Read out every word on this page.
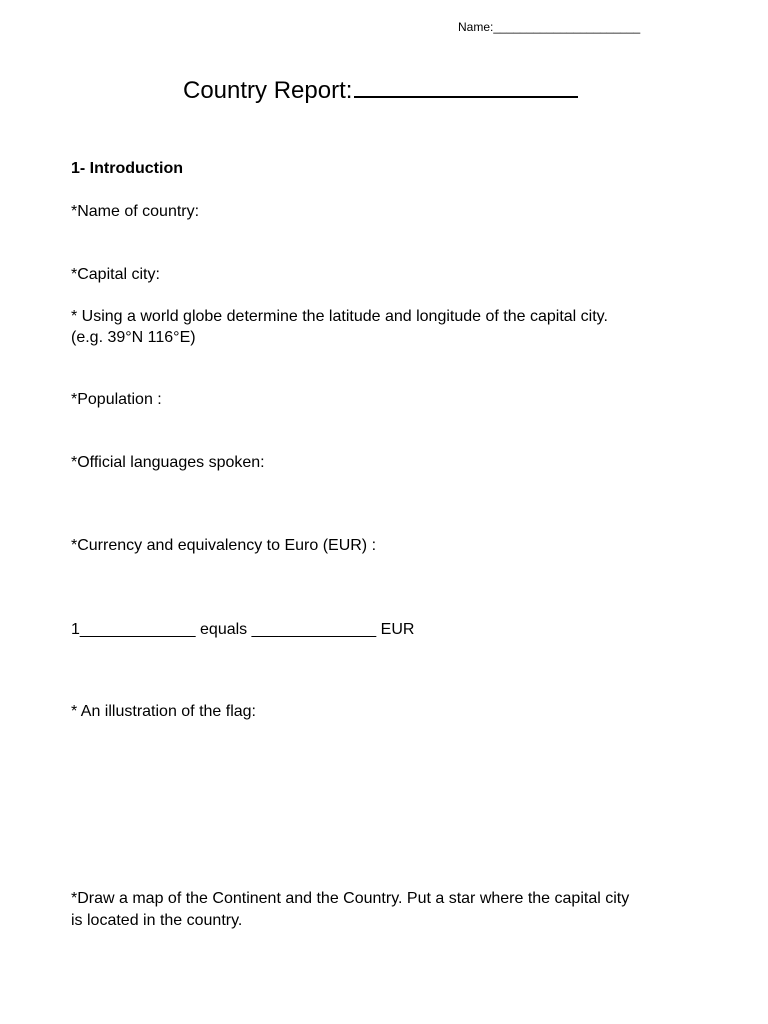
Name:______________________
Country Report:
1- Introduction
*Name of country:
*Capital city:
* Using a world globe determine the latitude and longitude of the capital city.
(e.g. 39°N 116°E)
*Population :
*Official languages spoken:
*Currency and equivalency to Euro (EUR) :
1_____________ equals ______________ EUR
* An illustration of the flag:
*Draw a map of the Continent and the Country. Put a star where the capital city
is located in the country.
